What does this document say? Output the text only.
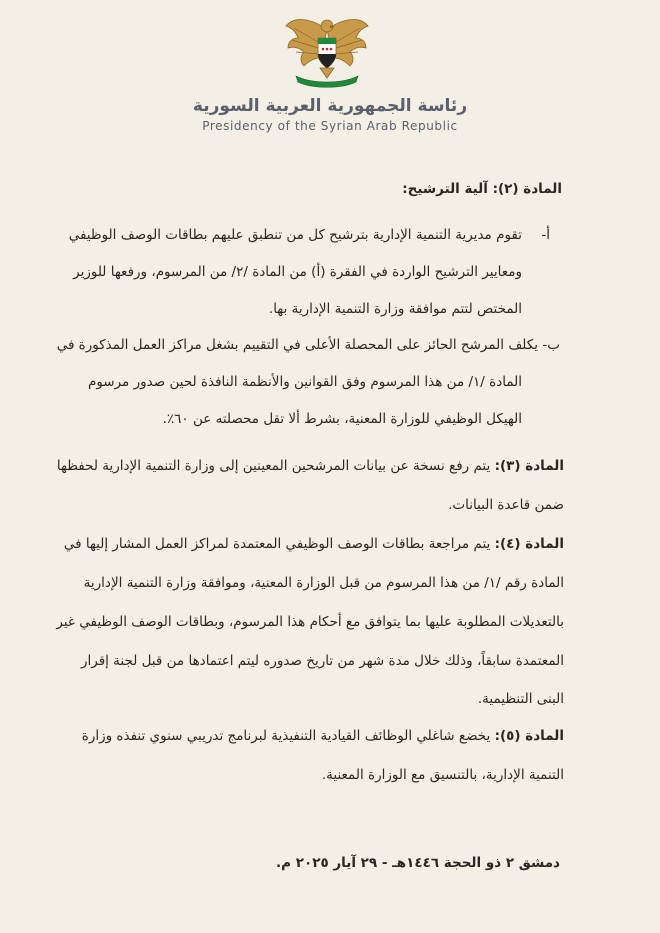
رئاسة الجمهورية العربية السورية
Presidency of the Syrian Arab Republic
المادة (٢): آلية الترشيح:
أ-
تقوم مديرية التنمية الإدارية بترشيح كل من تنطبق عليهم بطاقات الوصف الوظيفي
ومعايير الترشيح الواردة في الفقرة (أ) من المادة /٢/ من المرسوم، ورفعها للوزير
المختص لتتم موافقة وزارة التنمية الإدارية بها.
ب-
يكلف المرشح الحائز على المحصلة الأعلى في التقييم بشغل مراكز العمل المذكورة في
المادة /١/ من هذا المرسوم وفق القوانين والأنظمة النافذة لحين صدور مرسوم
الهيكل الوظيفي للوزارة المعنية، بشرط ألا تقل محصلته عن ٦٠٪.
المادة (٣): يتم رفع نسخة عن بيانات المرشحين المعينين إلى وزارة التنمية الإدارية لحفظها
ضمن قاعدة البيانات.
المادة (٤): يتم مراجعة بطاقات الوصف الوظيفي المعتمدة لمراكز العمل المشار إليها في
المادة رقم /١/ من هذا المرسوم من قبل الوزارة المعنية، وموافقة وزارة التنمية الإدارية
بالتعديلات المطلوبة عليها بما يتوافق مع أحكام هذا المرسوم، وبطاقات الوصف الوظيفي غير
المعتمدة سابقاً، وذلك خلال مدة شهر من تاريخ صدوره ليتم اعتمادها من قبل لجنة إقرار
البنى التنظيمية.
المادة (٥): يخضع شاغلي الوظائف القيادية التنفيذية لبرنامج تدريبي سنوي تنفذه وزارة
التنمية الإدارية، بالتنسيق مع الوزارة المعنية.
دمشق ٢ ذو الحجة ١٤٤٦هـ - ٢٩ آيار ٢٠٢٥ م.
